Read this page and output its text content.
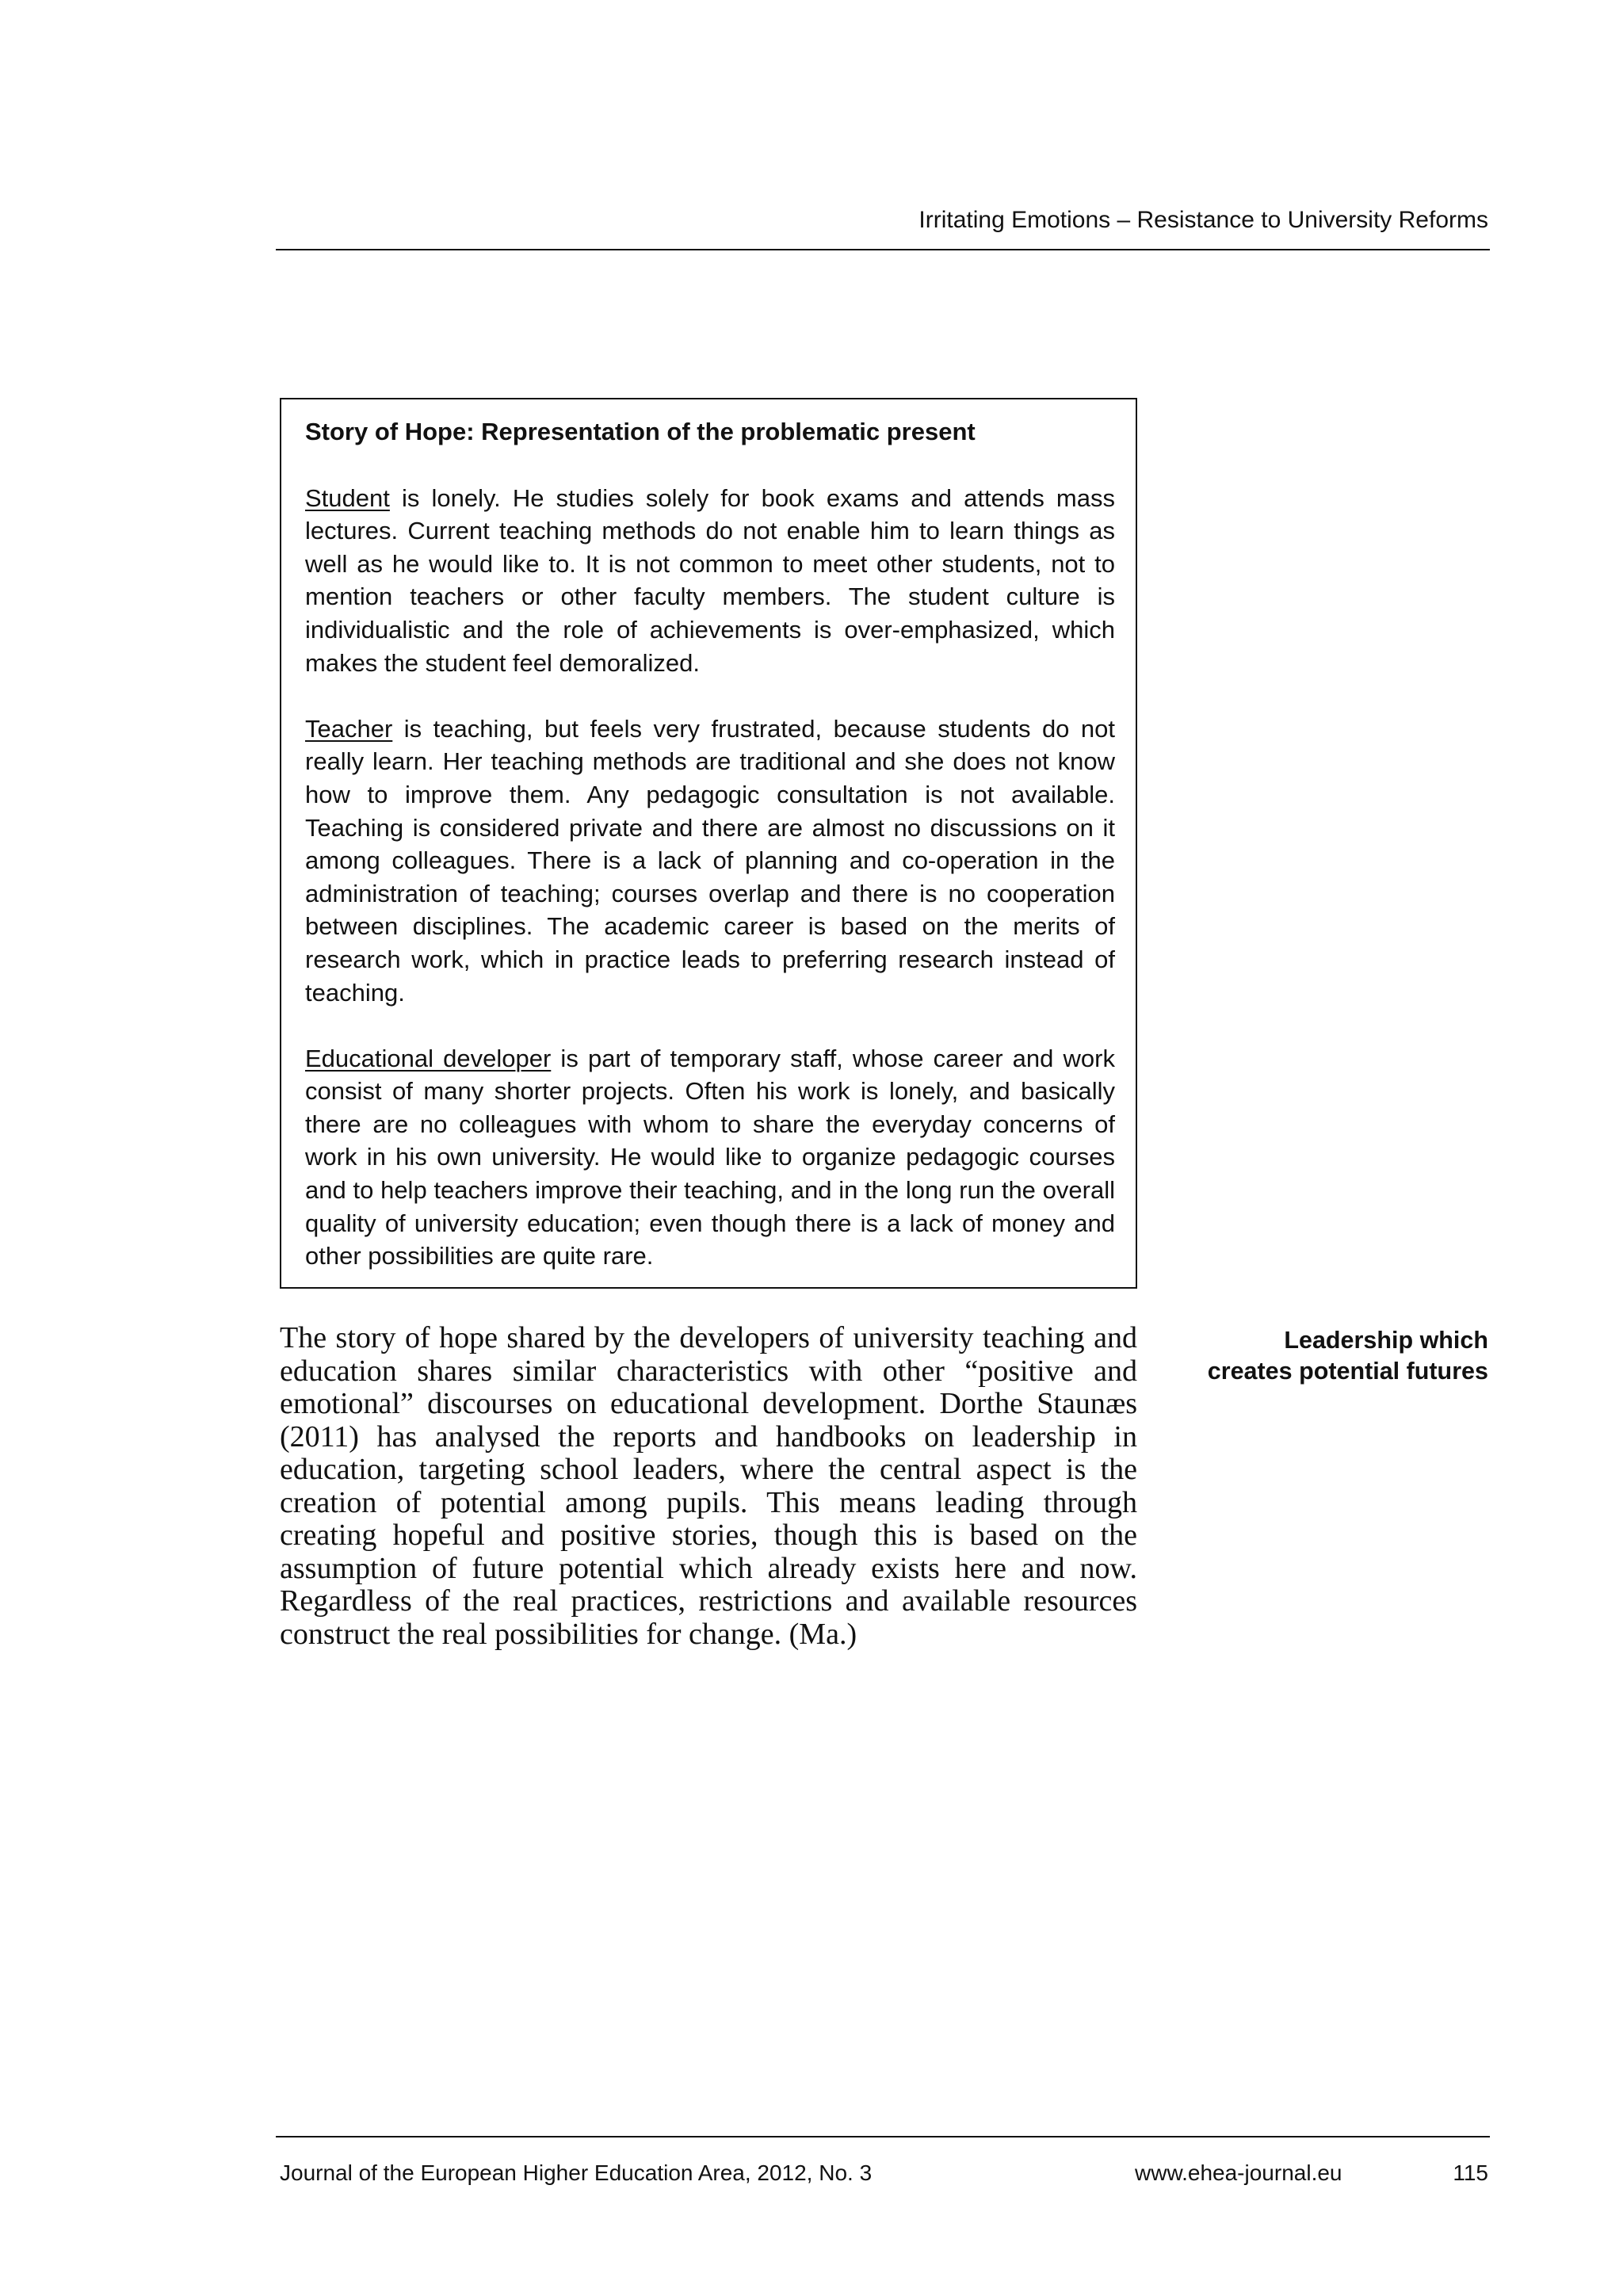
Irritating Emotions – Resistance to University Reforms
Story of Hope: Representation of the problematic present

Student is lonely. He studies solely for book exams and attends mass lectures. Current teaching methods do not enable him to learn things as well as he would like to. It is not common to meet other students, not to mention teachers or other faculty members. The student culture is individualistic and the role of achievements is over-emphasized, which makes the student feel demoralized.

Teacher is teaching, but feels very frustrated, because students do not really learn. Her teaching methods are traditional and she does not know how to improve them. Any pedagogic consultation is not available. Teaching is considered private and there are almost no discussions on it among colleagues. There is a lack of planning and co-operation in the administration of teaching; courses overlap and there is no cooperation between disciplines. The academic career is based on the merits of research work, which in practice leads to preferring research instead of teaching.

Educational developer is part of temporary staff, whose career and work consist of many shorter projects. Often his work is lonely, and basically there are no colleagues with whom to share the everyday concerns of work in his own university. He would like to organize pedagogic courses and to help teachers improve their teaching, and in the long run the overall quality of university education; even though there is a lack of money and other possibilities are quite rare.

The story of hope shared by the developers of university teaching and education shares similar characteristics with other “positive and emotional” discourses on educational development. Dorthe Staunæs (2011) has analysed the reports and handbooks on leadership in education, targeting school leaders, where the central aspect is the creation of potential among pupils. This means leading through creating hopeful and positive stories, though this is based on the assumption of future potential which already exists here and now. Regardless of the real practices, restrictions and available resources construct the real possibilities for change. (Ma.)

Leadership which
creates potential futures
Journal of the European Higher Education Area, 2012, No. 3	www.ehea-journal.eu	115
